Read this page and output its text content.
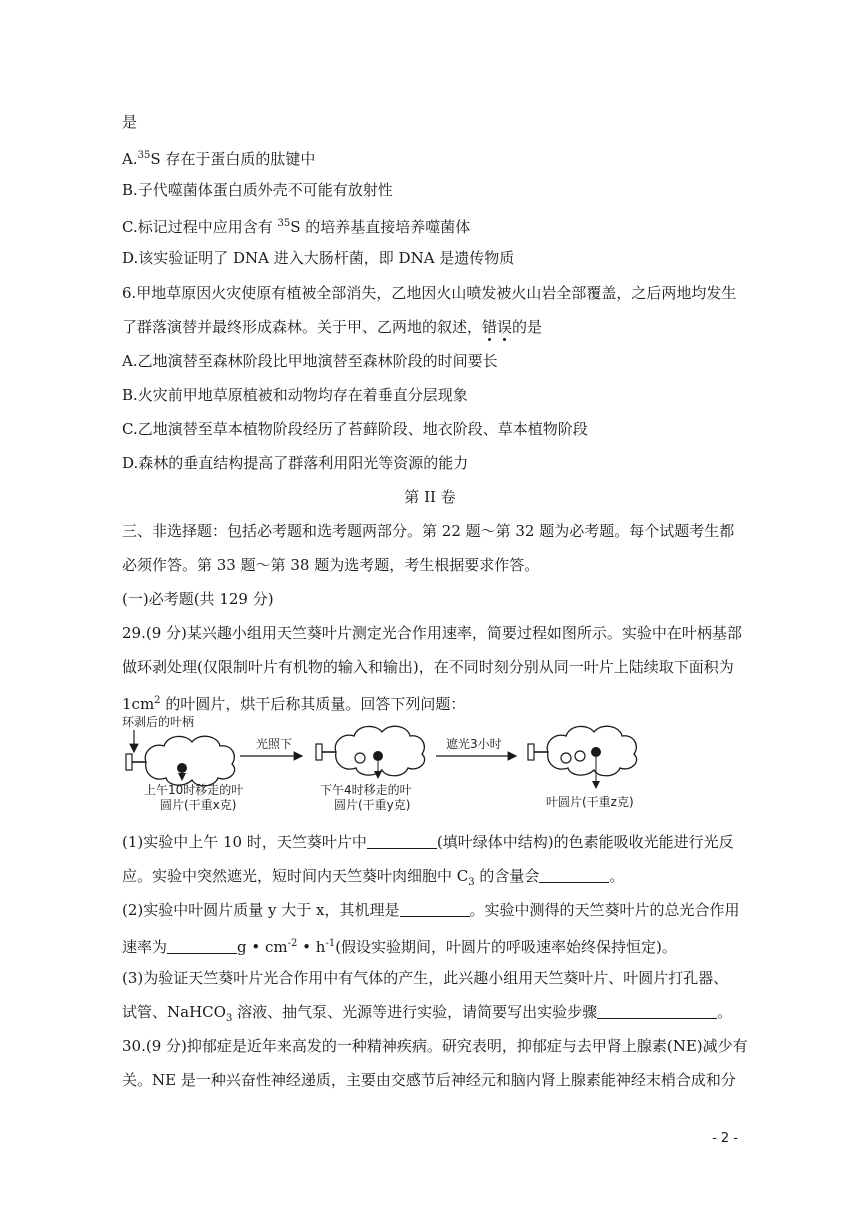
是
A.$^{35}$S 存在于蛋白质的肽键中
B.子代噬菌体蛋白质外壳不可能有放射性
C.标记过程中应用含有 $^{35}$S 的培养基直接培养噬菌体
D.该实验证明了 DNA 进入大肠杆菌，即 DNA 是遗传物质
6.甲地草原因火灾使原有植被全部消失，乙地因火山喷发被火山岩全部覆盖，之后两地均发生
了群落演替并最终形成森林。关于甲、乙两地的叙述，错误的是
A.乙地演替至森林阶段比甲地演替至森林阶段的时间要长
B.火灾前甲地草原植被和动物均存在着垂直分层现象
C.乙地演替至草本植物阶段经历了苔藓阶段、地衣阶段、草本植物阶段
D.森林的垂直结构提高了群落利用阳光等资源的能力
第 II 卷
三、非选择题：包括必考题和选考题两部分。第 22 题～第 32 题为必考题。每个试题考生都
必须作答。第 33 题～第 38 题为选考题，考生根据要求作答。
(一)必考题(共 129 分)
29.(9 分)某兴趣小组用天竺葵叶片测定光合作用速率，简要过程如图所示。实验中在叶柄基部
做环剥处理(仅限制叶片有机物的输入和输出)，在不同时刻分别从同一叶片上陆续取下面积为
$1cm^2$ 的叶圆片，烘干后称其质量。回答下列问题：
环剥后的叶柄
上午10时移走的叶
圆片(干重x克)
光照下
下午4时移走的叶
圆片(干重y克)
遮光3小时
叶圆片(干重z克)
(1)实验中上午 10 时，天竺葵叶片中	(填叶绿体中结构)的色素能吸收光能进行光反
应。实验中突然遮光，短时间内天竺葵叶肉细胞中 $C_3$ 的含量会	。
(2)实验中叶圆片质量 y 大于 x，其机理是	。实验中测得的天竺葵叶片的总光合作用
速率为	g • $cm^{-2}$ • $h^{-1}$(假设实验期间，叶圆片的呼吸速率始终保持恒定)。
(3)为验证天竺葵叶片光合作用中有气体的产生，此兴趣小组用天竺葵叶片、叶圆片打孔器、
试管、NaHCO$_3$ 溶液、抽气泵、光源等进行实验，请简要写出实验步骤	。
30.(9 分)抑郁症是近年来高发的一种精神疾病。研究表明，抑郁症与去甲肾上腺素(NE)减少有
关。NE 是一种兴奋性神经递质，主要由交感节后神经元和脑内肾上腺素能神经末梢合成和分
- 2 -
